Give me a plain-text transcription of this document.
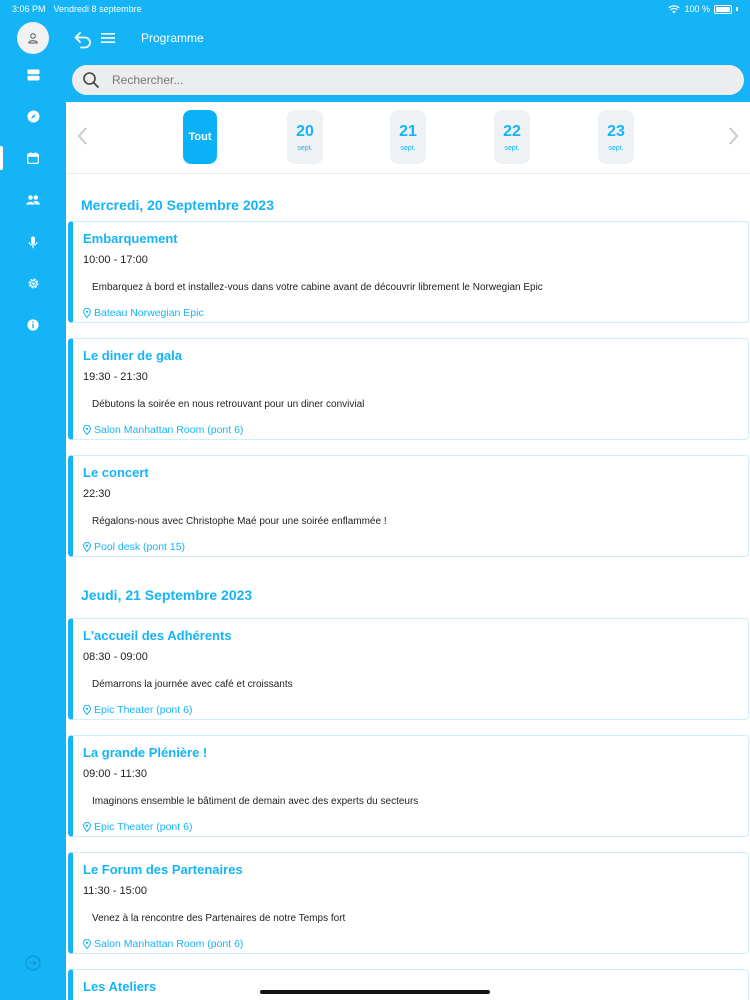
3:06 PM Vendredi 8 septembre	100 %
Programme
Rechercher...
Tout	20
sept.
21
sept.
22
sept.
23
sept.
Mercredi, 20 Septembre 2023
Embarquement
10:00 - 17:00
Embarquez à bord et installez-vous dans votre cabine avant de découvrir librement le Norwegian Epic
Bateau Norwegian Epic
Le diner de gala
19:30 - 21:30
Débutons la soirée en nous retrouvant pour un diner convivial
Salon Manhattan Room (pont 6)
Le concert
22:30
Régalons-nous avec Christophe Maé pour une soirée enflammée !
Pool desk (pont 15)
Jeudi, 21 Septembre 2023
L'accueil des Adhérents
08:30 - 09:00
Démarrons la journée avec café et croissants
Epic Theater (pont 6)
La grande Plénière !
09:00 - 11:30
Imaginons ensemble le bâtiment de demain avec des experts du secteurs
Epic Theater (pont 6)
Le Forum des Partenaires
11:30 - 15:00
Venez à la rencontre des Partenaires de notre Temps fort
Salon Manhattan Room (pont 6)
Les Ateliers
